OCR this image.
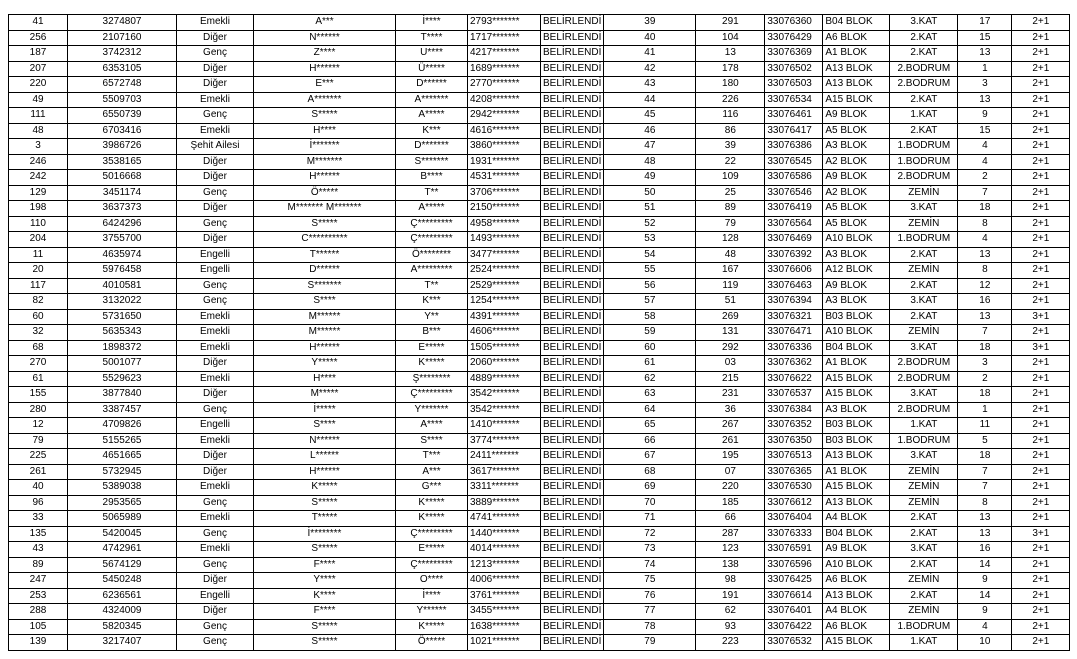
41	3274807	Emekli	A***	İ****	2793*******	BELİRLENDİ	39	291	33076360	B04 BLOK	3.KAT	17	2+1
256	2107160	Diğer	N******	T****	1717*******	BELİRLENDİ	40	104	33076429	A6 BLOK	2.KAT	15	2+1
187	3742312	Genç	Z****	U****	4217*******	BELİRLENDİ	41	13	33076369	A1 BLOK	2.KAT	13	2+1
207	6353105	Diğer	H******	Ü*****	1689*******	BELİRLENDİ	42	178	33076502	A13 BLOK	2.BODRUM	1	2+1
220	6572748	Diğer	E***	D******	2770*******	BELİRLENDİ	43	180	33076503	A13 BLOK	2.BODRUM	3	2+1
49	5509703	Emekli	A*******	A*******	4208*******	BELİRLENDİ	44	226	33076534	A15 BLOK	2.KAT	13	2+1
111	6550739	Genç	S*****	A*****	2942*******	BELİRLENDİ	45	116	33076461	A9 BLOK	1.KAT	9	2+1
48	6703416	Emekli	H****	K***	4616*******	BELİRLENDİ	46	86	33076417	A5 BLOK	2.KAT	15	2+1
3	3986726	Şehit Ailesi	İ*******	D*******	3860*******	BELİRLENDİ	47	39	33076386	A3 BLOK	1.BODRUM	4	2+1
246	3538165	Diğer	M*******	S*******	1931*******	BELİRLENDİ	48	22	33076545	A2 BLOK	1.BODRUM	4	2+1
242	5016668	Diğer	H******	B****	4531*******	BELİRLENDİ	49	109	33076586	A9 BLOK	2.BODRUM	2	2+1
129	3451174	Genç	Ö*****	T**	3706*******	BELİRLENDİ	50	25	33076546	A2 BLOK	ZEMİN	7	2+1
198	3637373	Diğer	M******* M*******	A*****	2150*******	BELİRLENDİ	51	89	33076419	A5 BLOK	3.KAT	18	2+1
110	6424296	Genç	S*****	Ç*********	4958*******	BELİRLENDİ	52	79	33076564	A5 BLOK	ZEMİN	8	2+1
204	3755700	Diğer	C**********	Ç*********	1493*******	BELİRLENDİ	53	128	33076469	A10 BLOK	1.BODRUM	4	2+1
11	4635974	Engelli	T******	Ö********	3477*******	BELİRLENDİ	54	48	33076392	A3 BLOK	2.KAT	13	2+1
20	5976458	Engelli	D******	A*********	2524*******	BELİRLENDİ	55	167	33076606	A12 BLOK	ZEMİN	8	2+1
117	4010581	Genç	S*******	T**	2529*******	BELİRLENDİ	56	119	33076463	A9 BLOK	2.KAT	12	2+1
82	3132022	Genç	S****	K***	1254*******	BELİRLENDİ	57	51	33076394	A3 BLOK	3.KAT	16	2+1
60	5731650	Emekli	M******	Y**	4391*******	BELİRLENDİ	58	269	33076321	B03 BLOK	2.KAT	13	3+1
32	5635343	Emekli	M******	B***	4606*******	BELİRLENDİ	59	131	33076471	A10 BLOK	ZEMİN	7	2+1
68	1898372	Emekli	H******	E*****	1505*******	BELİRLENDİ	60	292	33076336	B04 BLOK	3.KAT	18	3+1
270	5001077	Diğer	Y*****	K*****	2060*******	BELİRLENDİ	61	03	33076362	A1 BLOK	2.BODRUM	3	2+1
61	5529623	Emekli	H****	Ş********	4889*******	BELİRLENDİ	62	215	33076622	A15 BLOK	2.BODRUM	2	2+1
155	3877840	Diğer	M*****	Ç*********	3542*******	BELİRLENDİ	63	231	33076537	A15 BLOK	3.KAT	18	2+1
280	3387457	Genç	İ*****	Y*******	3542*******	BELİRLENDİ	64	36	33076384	A3 BLOK	2.BODRUM	1	2+1
12	4709826	Engelli	S****	A****	1410*******	BELİRLENDİ	65	267	33076352	B03 BLOK	1.KAT	11	2+1
79	5155265	Emekli	N******	S****	3774*******	BELİRLENDİ	66	261	33076350	B03 BLOK	1.BODRUM	5	2+1
225	4651665	Diğer	L******	T***	2411*******	BELİRLENDİ	67	195	33076513	A13 BLOK	3.KAT	18	2+1
261	5732945	Diğer	H******	A***	3617*******	BELİRLENDİ	68	07	33076365	A1 BLOK	ZEMİN	7	2+1
40	5389038	Emekli	K*****	G***	3311*******	BELİRLENDİ	69	220	33076530	A15 BLOK	ZEMİN	7	2+1
96	2953565	Genç	S*****	K*****	3889*******	BELİRLENDİ	70	185	33076612	A13 BLOK	ZEMİN	8	2+1
33	5065989	Emekli	T*****	K*****	4741*******	BELİRLENDİ	71	66	33076404	A4 BLOK	2.KAT	13	2+1
135	5420045	Genç	İ********	Ç*********	1440*******	BELİRLENDİ	72	287	33076333	B04 BLOK	2.KAT	13	3+1
43	4742961	Emekli	S*****	E*****	4014*******	BELİRLENDİ	73	123	33076591	A9 BLOK	3.KAT	16	2+1
89	5674129	Genç	F****	Ç*********	1213*******	BELİRLENDİ	74	138	33076596	A10 BLOK	2.KAT	14	2+1
247	5450248	Diğer	Y****	O****	4006*******	BELİRLENDİ	75	98	33076425	A6 BLOK	ZEMİN	9	2+1
253	6236561	Engelli	K****	İ****	3761*******	BELİRLENDİ	76	191	33076614	A13 BLOK	2.KAT	14	2+1
288	4324009	Diğer	F****	Y******	3455*******	BELİRLENDİ	77	62	33076401	A4 BLOK	ZEMİN	9	2+1
105	5820345	Genç	S*****	K*****	1638*******	BELİRLENDİ	78	93	33076422	A6 BLOK	1.BODRUM	4	2+1
139	3217407	Genç	S*****	Ö*****	1021*******	BELİRLENDİ	79	223	33076532	A15 BLOK	1.KAT	10	2+1
